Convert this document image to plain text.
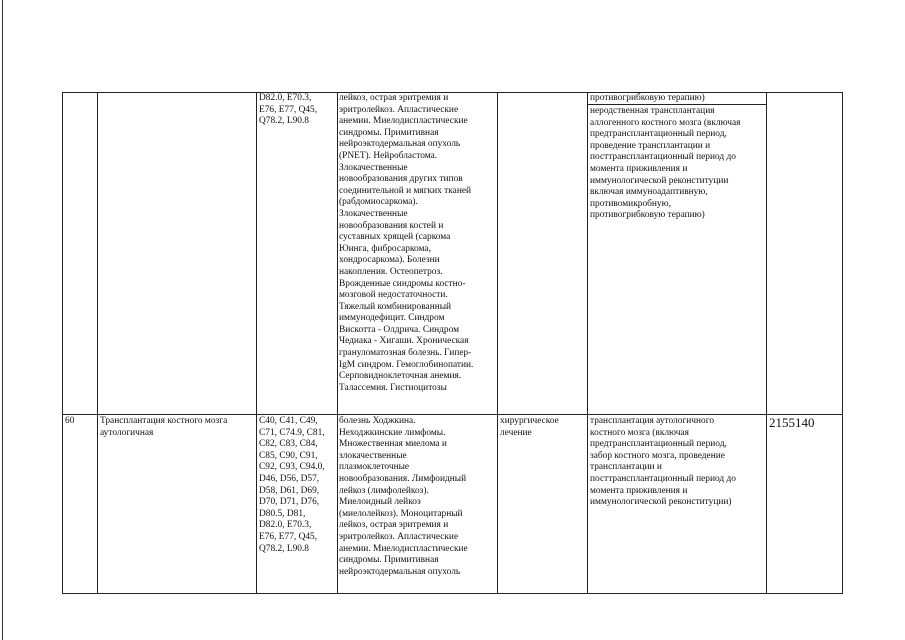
D82.0, E70.3,
E76, E77, Q45,
Q78.2, L90.8
лейкоз, острая эритремия и
эритролейкоз. Апластические
анемии. Миелодиспластические
синдромы. Примитивная
нейроэктодермальная опухоль
(PNET). Нейробластома.
Злокачественные
новообразования других типов
соединительной и мягких тканей
(рабдомиосаркома).
Злокачественные
новообразования костей и
суставных хрящей (саркома
Юинга, фибросаркома,
хондросаркома). Болезни
накопления. Остеопетроз.
Врожденные синдромы костно-
мозговой недостаточности.
Тяжелый комбинированный
иммунодефицит. Синдром
Вискотта - Олдрича. Синдром
Чедиака - Хигаши. Хроническая
грануломатозная болезнь. Гипер-
IgM синдром. Гемоглобинопатии.
Серповидноклеточная анемия.
Талассемия. Гистиоцитозы
противогрибковую терапию)
неродственная трансплантация
аллогенного костного мозга (включая
предтрансплантационный период,
проведение трансплантации и
посттрансплантационный период до
момента приживления и
иммунологической реконституции
включая иммуноадаптивную,
противомикробную,
противогрибковую терапию)
60	Трансплантация костного мозга
аутологичная
C40, C41, C49,
C71, C74.9, C81,
C82, C83, C84,
C85, C90, C91,
C92, C93, C94.0,
D46, D56, D57,
D58, D61, D69,
D70, D71, D76,
D80.5, D81,
D82.0, E70.3,
E76, E77, Q45,
Q78.2, L90.8
болезнь Ходжкина.
Неходжкинские лимфомы.
Множественная миелома и
злокачественные
плазмоклеточные
новообразования. Лимфоидный
лейкоз (лимфолейкоз).
Миелоидный лейкоз
(миелолейкоз). Моноцитарный
лейкоз, острая эритремия и
эритролейкоз. Апластические
анемии. Миелодиспластические
синдромы. Примитивная
нейроэктодермальная опухоль
хирургическое
лечение
трансплантация аутологичного
костного мозга (включая
предтрансплантационный период,
забор костного мозга, проведение
трансплантации и
посттрансплантационный период до
момента приживления и
иммунологической реконституции)
2155140
